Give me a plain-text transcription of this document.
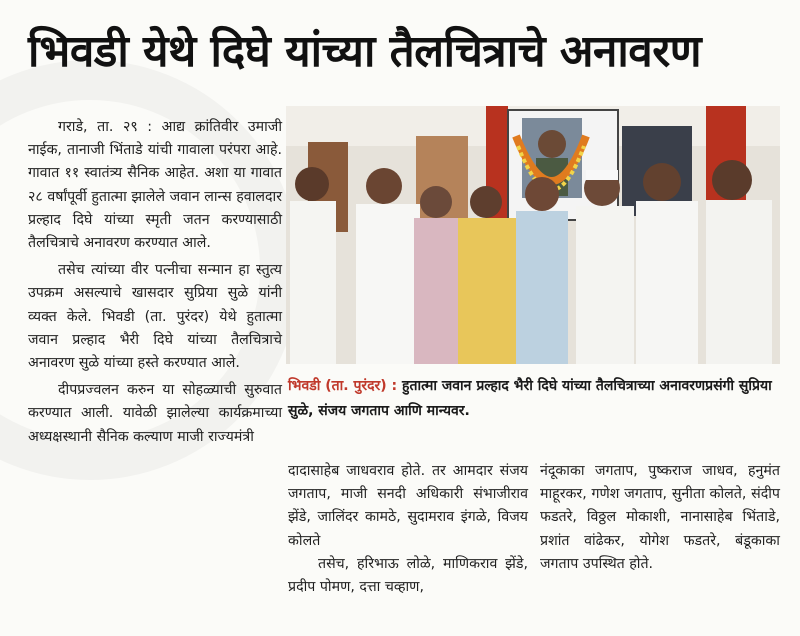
भिवडी येथे दिघे यांच्या तैलचित्राचे अनावरण

गराडे, ता. २९ : आद्य क्रांतिवीर उमाजी नाईक, तानाजी भिंताडे यांची गावाला परंपरा आहे. गावात ११ स्वातंत्र्य सैनिक आहेत. अशा या गावात २८ वर्षांपूर्वी हुतात्मा झालेले जवान लान्स हवालदार प्रल्हाद दिघे यांच्या स्मृती जतन करण्यासाठी तैलचित्राचे अनावरण करण्यात आले.

तसेच त्यांच्या वीर पत्नीचा सन्मान हा स्तुत्य उपक्रम असल्याचे खासदार सुप्रिया सुळे यांनी व्यक्त केले. भिवडी (ता. पुरंदर) येथे हुतात्मा जवान प्रल्हाद भैरी दिघे यांच्या तैलचित्राचे अनावरण सुळे यांच्या हस्ते करण्यात आले.

दीपप्रज्वलन करुन या सोहळ्याची सुरुवात करण्यात आली. यावेळी झालेल्या कार्यक्रमाच्या अध्यक्षस्थानी सैनिक कल्याण माजी राज्यमंत्री

भिवडी (ता. पुरंदर) : हुतात्मा जवान प्रल्हाद भैरी दिघे यांच्या तैलचित्राच्या अनावरणप्रसंगी सुप्रिया सुळे, संजय जगताप आणि मान्यवर.

दादासाहेब जाधवराव होते. तर आमदार संजय जगताप, माजी सनदी अधिकारी संभाजीराव झेंडे, जालिंदर कामठे, सुदामराव इंगळे, विजय कोलते

तसेच, हरिभाऊ लोळे, माणिकराव झेंडे, प्रदीप पोमण, दत्ता चव्हाण,

नंदूकाका जगताप, पुष्कराज जाधव, हनुमंत माहूरकर, गणेश जगताप, सुनीता कोलते, संदीप फडतरे, विठ्ठल मोकाशी, नानासाहेब भिंताडे, प्रशांत वांढेकर, योगेश फडतरे, बंडूकाका जगताप उपस्थित होते.
